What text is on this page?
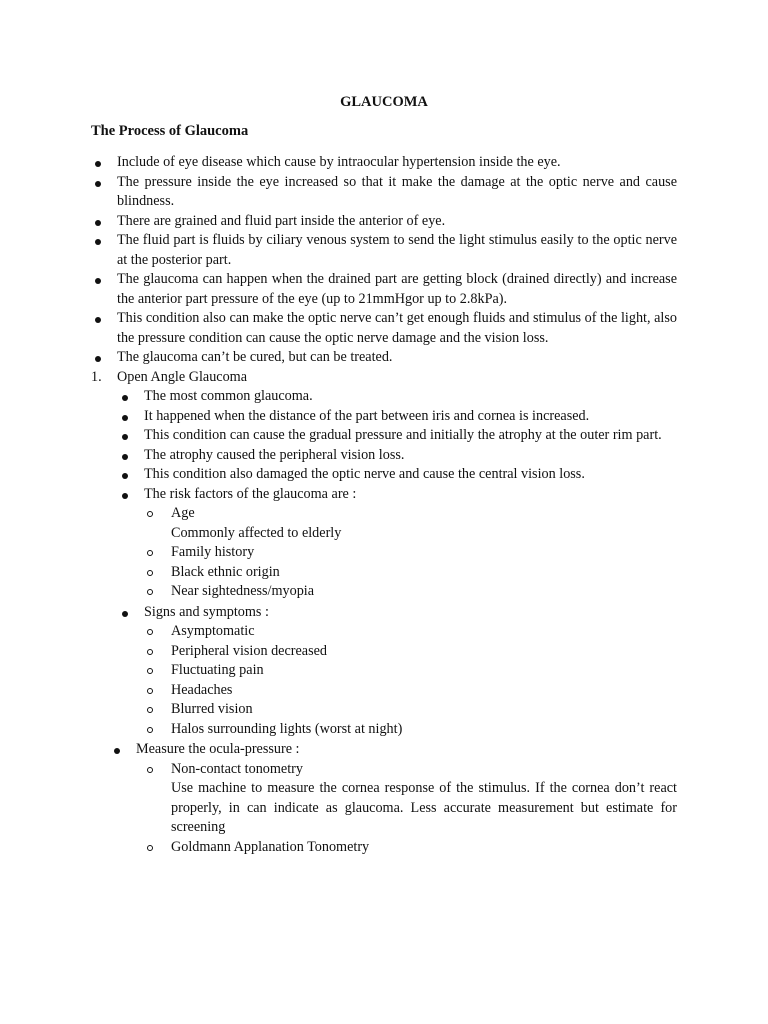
GLAUCOMA
The Process of Glaucoma
Include of eye disease which cause by intraocular hypertension inside the eye.
The pressure inside the eye increased so that it make the damage at the optic nerve and cause blindness.
There are grained and fluid part inside the anterior of eye.
The fluid part is fluids by ciliary venous system to send the light stimulus easily to the optic nerve at the posterior part.
The glaucoma can happen when the drained part are getting block (drained directly) and increase the anterior part pressure of the eye (up to 21mmHgor up to 2.8kPa).
This condition also can make the optic nerve can’t get enough fluids and stimulus of the light, also the pressure condition can cause the optic nerve damage and the vision loss.
The glaucoma can’t be cured, but can be treated.
1.	Open Angle Glaucoma
The most common glaucoma.
It happened when the distance of the part between iris and cornea is increased.
This condition can cause the gradual pressure and initially the atrophy at the outer rim part.
The atrophy caused the peripheral vision loss.
This condition also damaged the optic nerve and cause the central vision loss.
The risk factors of the glaucoma are :
Age
Commonly affected to elderly
Family history
Black ethnic origin
Near sightedness/myopia
Signs and symptoms :
Asymptomatic
Peripheral vision decreased
Fluctuating pain
Headaches
Blurred vision
Halos surrounding lights (worst at night)
Measure the ocula-pressure :
Non-contact tonometry
Use machine to measure the cornea response of the stimulus. If the cornea don’t react properly, in can indicate as glaucoma. Less accurate measurement but estimate for screening
Goldmann Applanation Tonometry
